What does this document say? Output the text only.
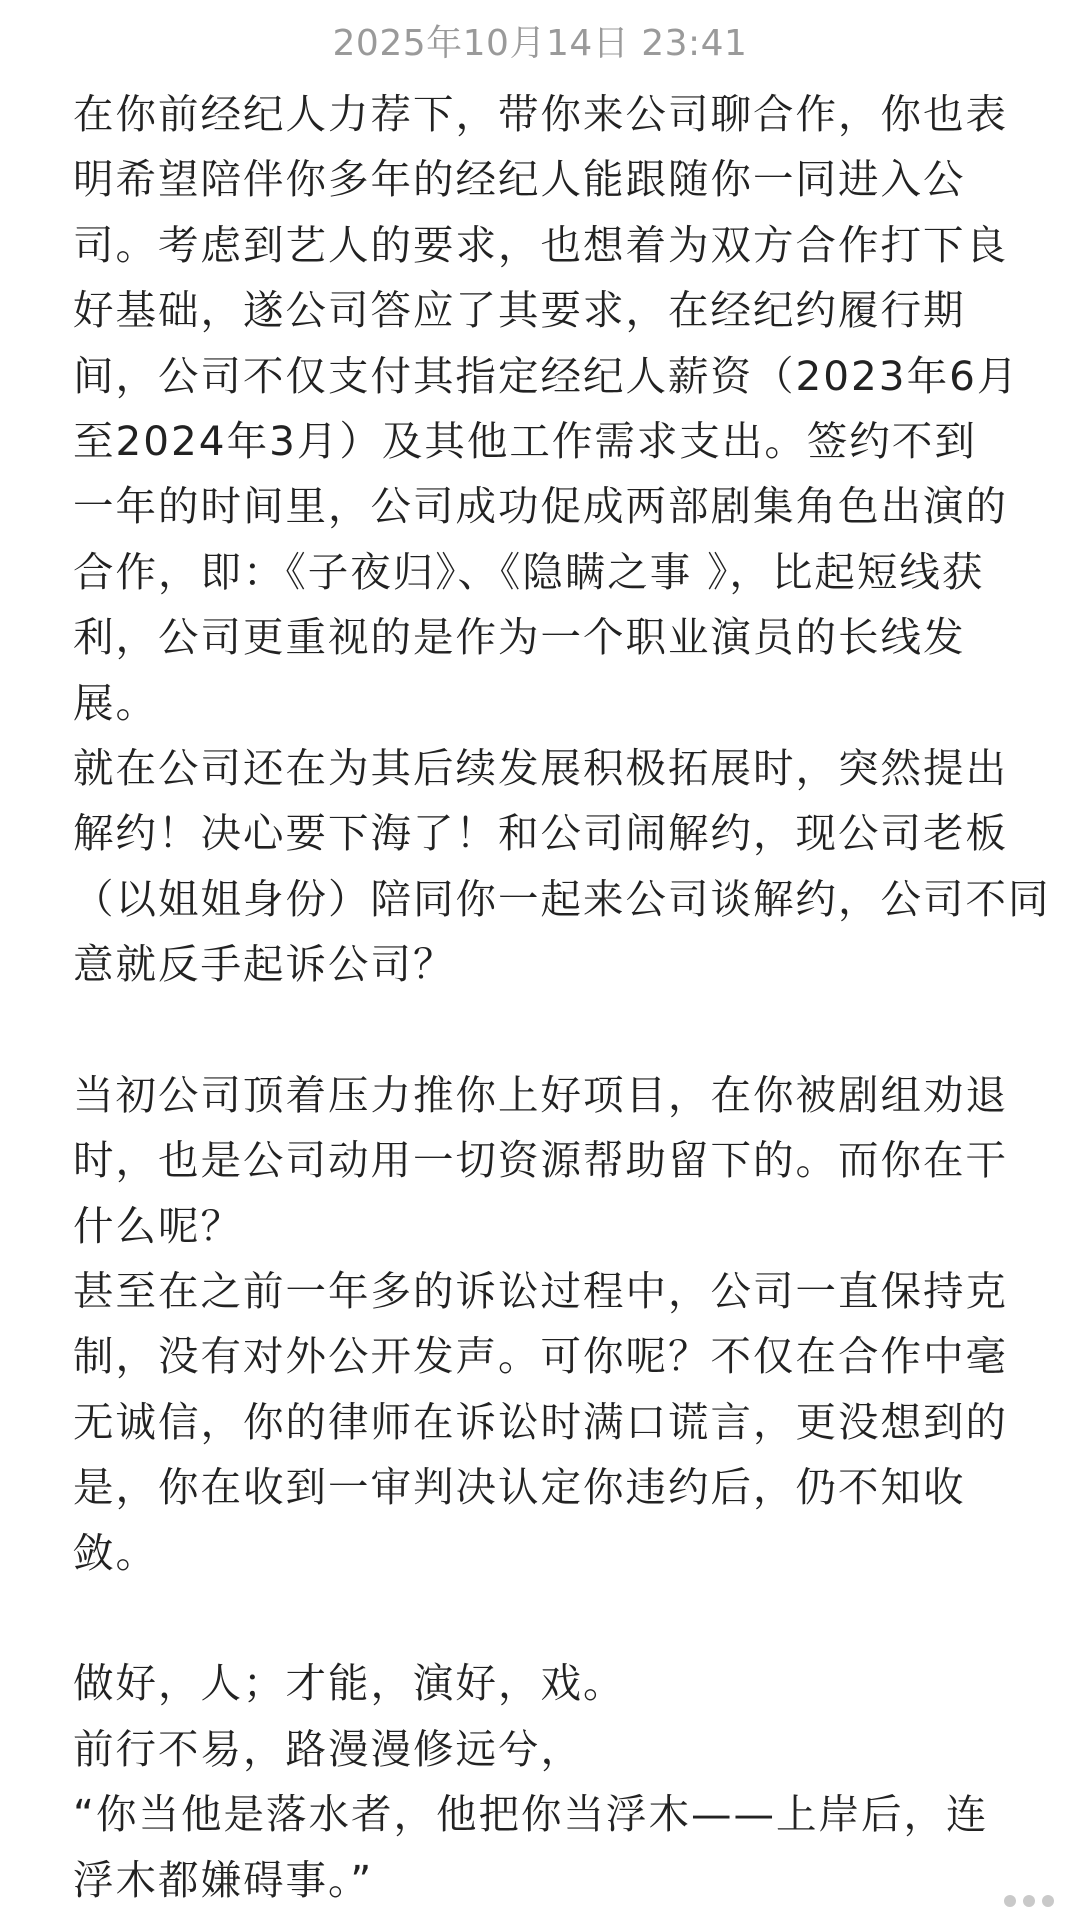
2025年10月14日 23:41
在你前经纪人力荐下，带你来公司聊合作，你也表
明希望陪伴你多年的经纪人能跟随你一同进入公
司。考虑到艺人的要求，也想着为双方合作打下良
好基础，遂公司答应了其要求，在经纪约履行期
间，公司不仅支付其指定经纪人薪资（2023年6月
至2024年3月）及其他工作需求支出。签约不到
一年的时间里，公司成功促成两部剧集角色出演的
合作，即：《子夜归》、《隐瞒之事 》，比起短线获
利，公司更重视的是作为一个职业演员的长线发
展。
就在公司还在为其后续发展积极拓展时，突然提出
解约！决心要下海了！和公司闹解约，现公司老板
（以姐姐身份）陪同你一起来公司谈解约，公司不同
意就反手起诉公司？
当初公司顶着压力推你上好项目，在你被剧组劝退
时，也是公司动用一切资源帮助留下的。而你在干
什么呢？
甚至在之前一年多的诉讼过程中，公司一直保持克
制，没有对外公开发声。可你呢？不仅在合作中毫
无诚信，你的律师在诉讼时满口谎言，更没想到的
是，你在收到一审判决认定你违约后，仍不知收
敛。
做好，人；才能，演好，戏。
前行不易，路漫漫修远兮，
“你当他是落水者，他把你当浮木——上岸后，连
浮木都嫌碍事。”
